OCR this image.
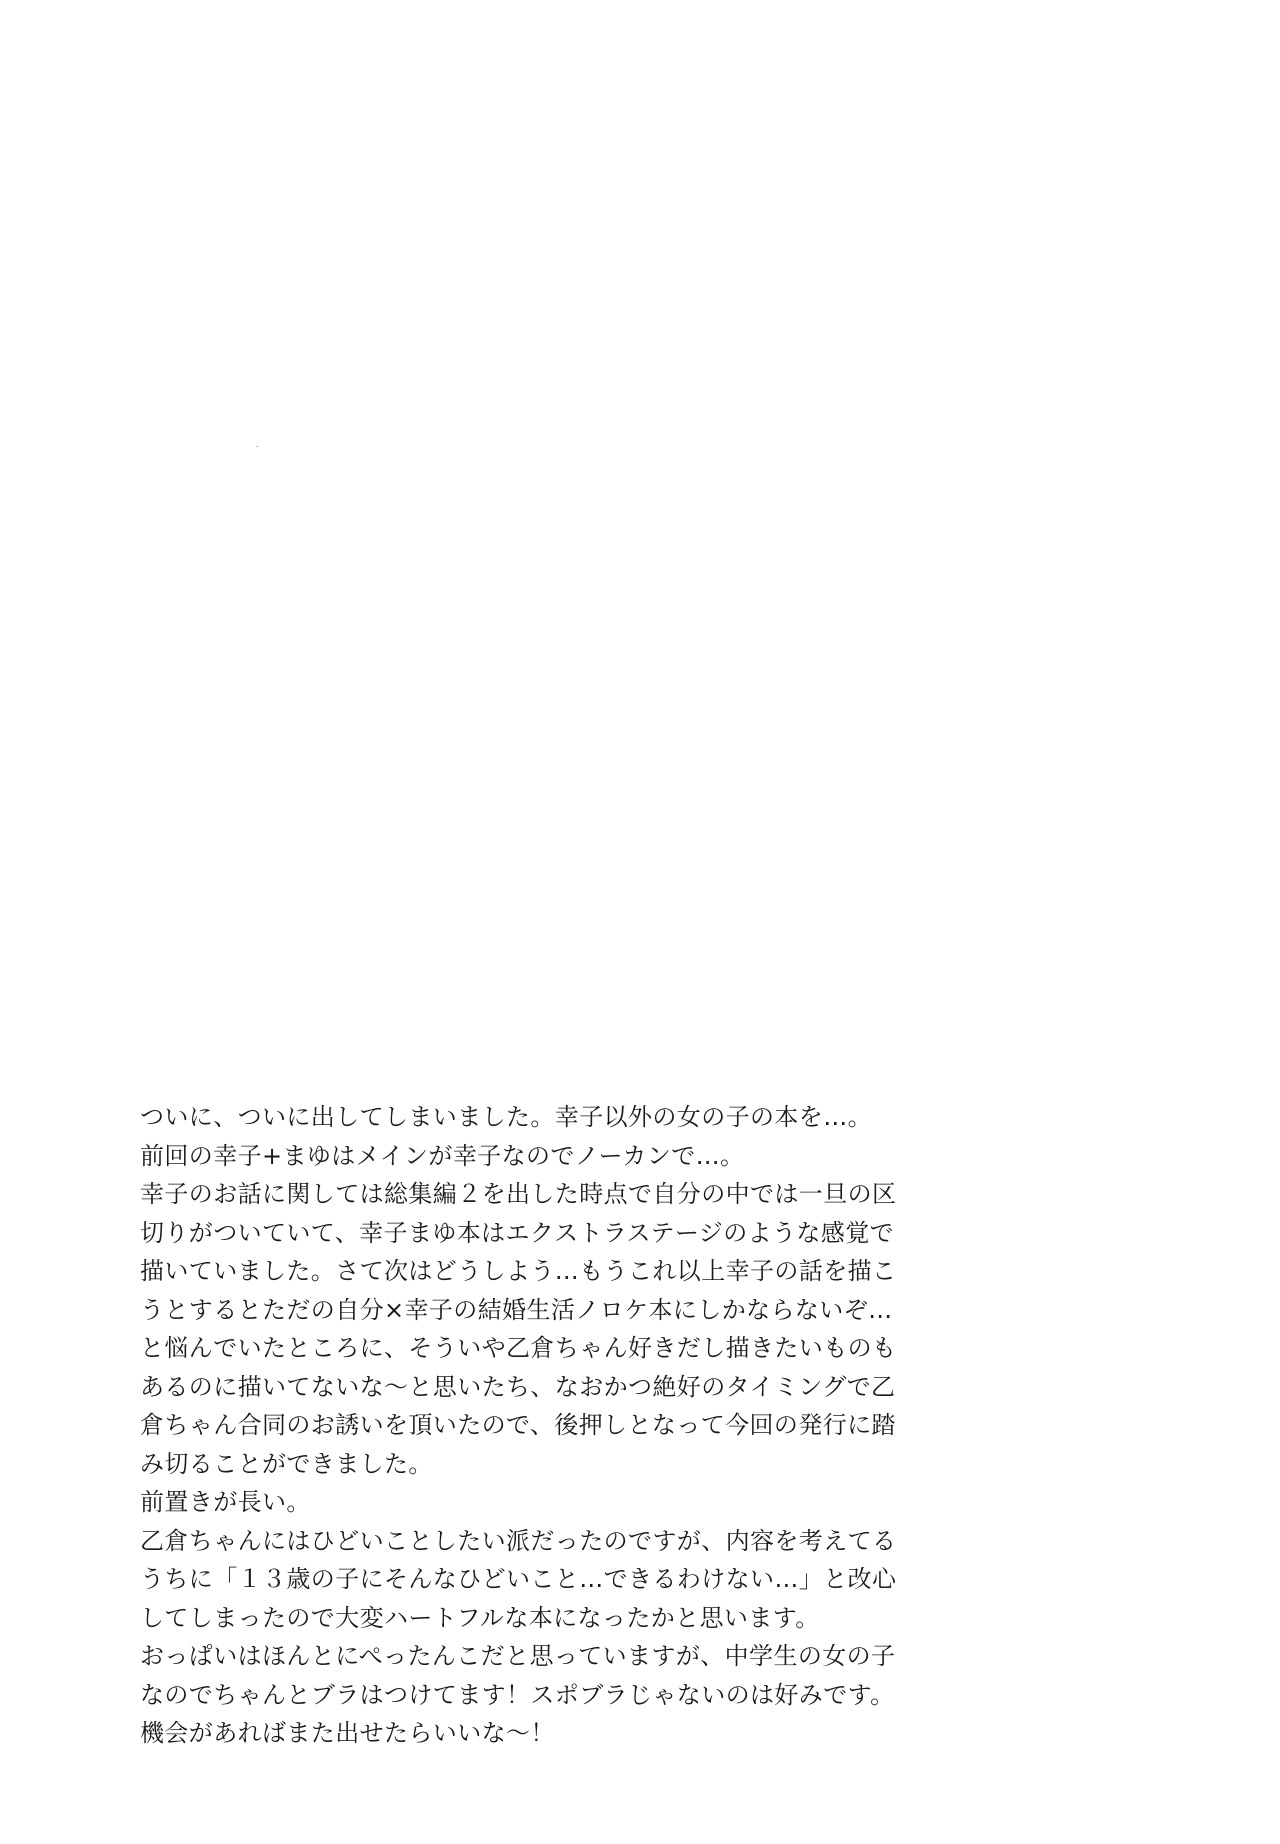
ついに、ついに出してしまいました。幸子以外の女の子の本を…。
前回の幸子+まゆはメインが幸子なのでノーカンで…。
幸子のお話に関しては総集編２を出した時点で自分の中では一旦の区
切りがついていて、幸子まゆ本はエクストラステージのような感覚で
描いていました。さて次はどうしよう…もうこれ以上幸子の話を描こ
うとするとただの自分×幸子の結婚生活ノロケ本にしかならないぞ…
と悩んでいたところに、そういや乙倉ちゃん好きだし描きたいものも
あるのに描いてないな～と思いたち、なおかつ絶好のタイミングで乙
倉ちゃん合同のお誘いを頂いたので、後押しとなって今回の発行に踏
み切ることができました。
前置きが長い。
乙倉ちゃんにはひどいことしたい派だったのですが、内容を考えてる
うちに「１３歳の子にそんなひどいこと…できるわけない…」と改心
してしまったので大変ハートフルな本になったかと思います。
おっぱいはほんとにぺったんこだと思っていますが、中学生の女の子
なのでちゃんとブラはつけてます！スポブラじゃないのは好みです。
機会があればまた出せたらいいな～！
